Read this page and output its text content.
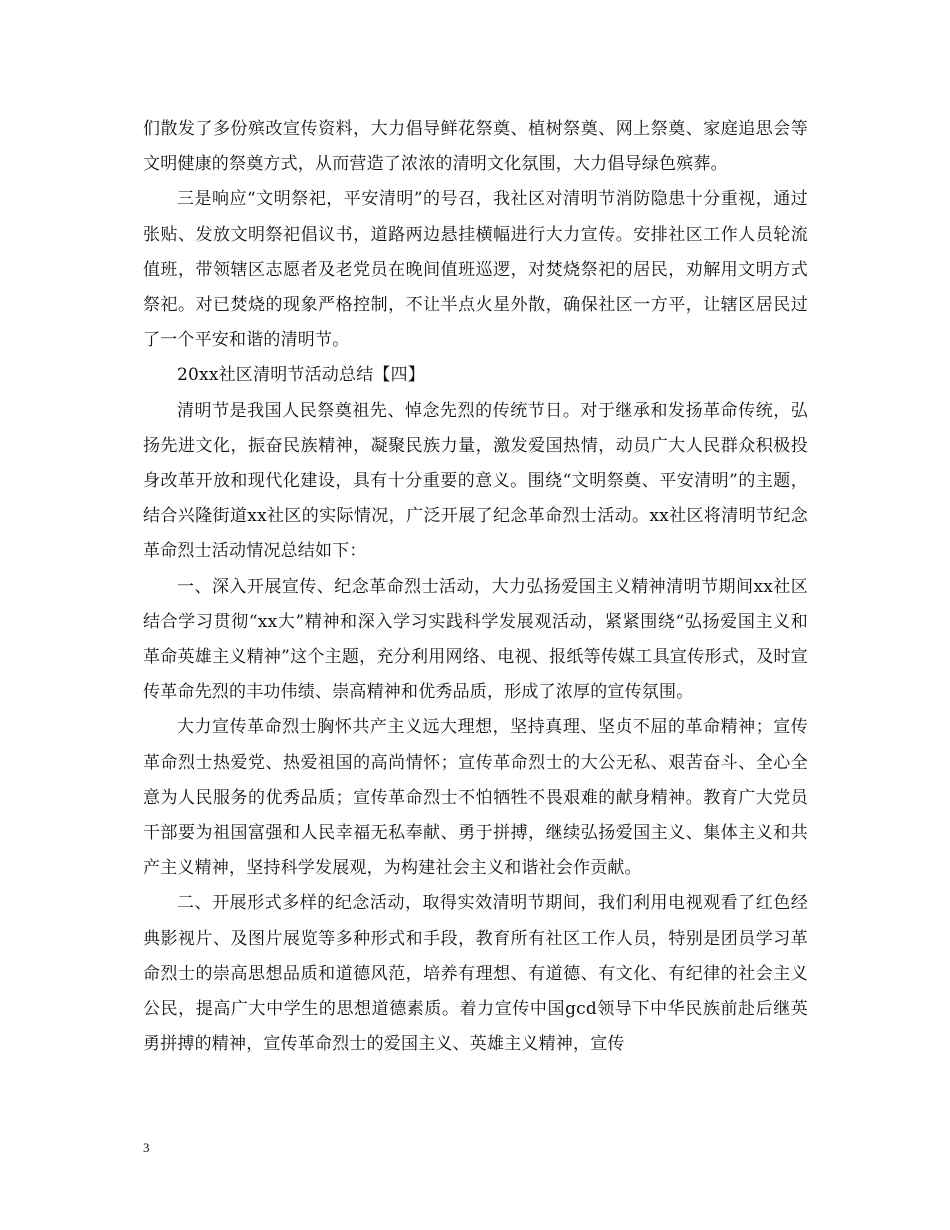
们散发了多份殡改宣传资料，大力倡导鲜花祭奠、植树祭奠、网上祭奠、家庭追思会等文明健康的祭奠方式，从而营造了浓浓的清明文化氛围，大力倡导绿色殡葬。

三是响应“文明祭祀，平安清明”的号召，我社区对清明节消防隐患十分重视，通过张贴、发放文明祭祀倡议书，道路两边悬挂横幅进行大力宣传。安排社区工作人员轮流值班，带领辖区志愿者及老党员在晚间值班巡逻，对焚烧祭祀的居民，劝解用文明方式祭祀。对已焚烧的现象严格控制，不让半点火星外散，确保社区一方平，让辖区居民过了一个平安和谐的清明节。

20xx社区清明节活动总结【四】

清明节是我国人民祭奠祖先、悼念先烈的传统节日。对于继承和发扬革命传统，弘扬先进文化，振奋民族精神，凝聚民族力量，激发爱国热情，动员广大人民群众积极投身改革开放和现代化建设，具有十分重要的意义。围绕“文明祭奠、平安清明”的主题，结合兴隆街道xx社区的实际情况，广泛开展了纪念革命烈士活动。xx社区将清明节纪念革命烈士活动情况总结如下：

一、深入开展宣传、纪念革命烈士活动，大力弘扬爱国主义精神清明节期间xx社区结合学习贯彻“xx大”精神和深入学习实践科学发展观活动，紧紧围绕“弘扬爱国主义和革命英雄主义精神”这个主题，充分利用网络、电视、报纸等传媒工具宣传形式，及时宣传革命先烈的丰功伟绩、崇高精神和优秀品质，形成了浓厚的宣传氛围。

大力宣传革命烈士胸怀共产主义远大理想，坚持真理、坚贞不屈的革命精神；宣传革命烈士热爱党、热爱祖国的高尚情怀；宣传革命烈士的大公无私、艰苦奋斗、全心全意为人民服务的优秀品质；宣传革命烈士不怕牺牲不畏艰难的献身精神。教育广大党员干部要为祖国富强和人民幸福无私奉献、勇于拼搏，继续弘扬爱国主义、集体主义和共产主义精神，坚持科学发展观，为构建社会主义和谐社会作贡献。

二、开展形式多样的纪念活动，取得实效清明节期间，我们利用电视观看了红色经典影视片、及图片展览等多种形式和手段，教育所有社区工作人员，特别是团员学习革命烈士的崇高思想品质和道德风范，培养有理想、有道德、有文化、有纪律的社会主义公民，提高广大中学生的思想道德素质。着力宣传中国gcd领导下中华民族前赴后继英勇拼搏的精神，宣传革命烈士的爱国主义、英雄主义精神，宣传

3
